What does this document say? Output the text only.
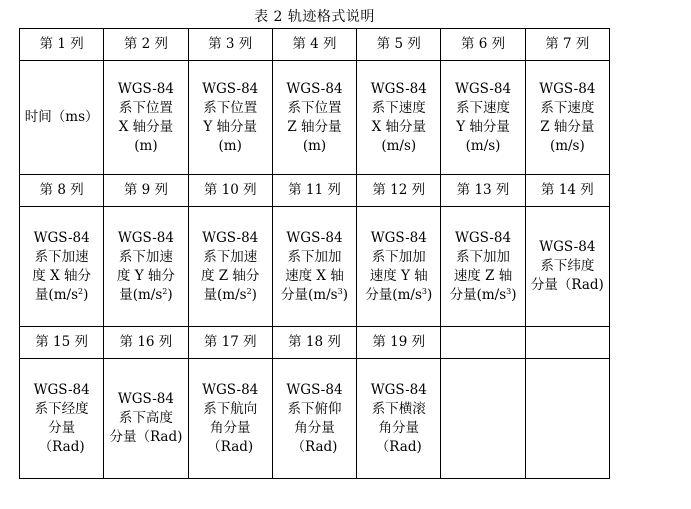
表 2 轨迹格式说明
第 1 列	第 2 列	第 3 列	第 4 列	第 5 列	第 6 列	第 7 列

时间（ms）	WGS-84
系下位置
X 轴分量
(m)	WGS-84
系下位置
Y 轴分量
(m)	WGS-84
系下位置
Z 轴分量
(m)	WGS-84
系下速度
X 轴分量
(m/s)	WGS-84
系下速度
Y 轴分量
(m/s)	WGS-84
系下速度
Z 轴分量
(m/s)

第 8 列	第 9 列	第 10 列	第 11 列	第 12 列	第 13 列	第 14 列

WGS-84
系下加速
度 X 轴分
量$(m/s^2)$	WGS-84
系下加速
度 Y 轴分
量$(m/s^2)$	WGS-84
系下加速
度 Z 轴分
量$(m/s^2)$	WGS-84
系下加加
速度 X 轴
分量$(m/s^3)$	WGS-84
系下加加
速度 Y 轴
分量$(m/s^3)$	WGS-84
系下加加
速度 Z 轴
分量$(m/s^3)$	WGS-84
系下纬度
分量（Rad)

第 15 列	第 16 列	第 17 列	第 18 列	第 19 列		

WGS-84
系下经度
分量
（Rad)	WGS-84
系下高度
分量（Rad)	WGS-84
系下航向
角分量
（Rad)	WGS-84
系下俯仰
角分量
（Rad)	WGS-84
系下横滚
角分量
（Rad)		
